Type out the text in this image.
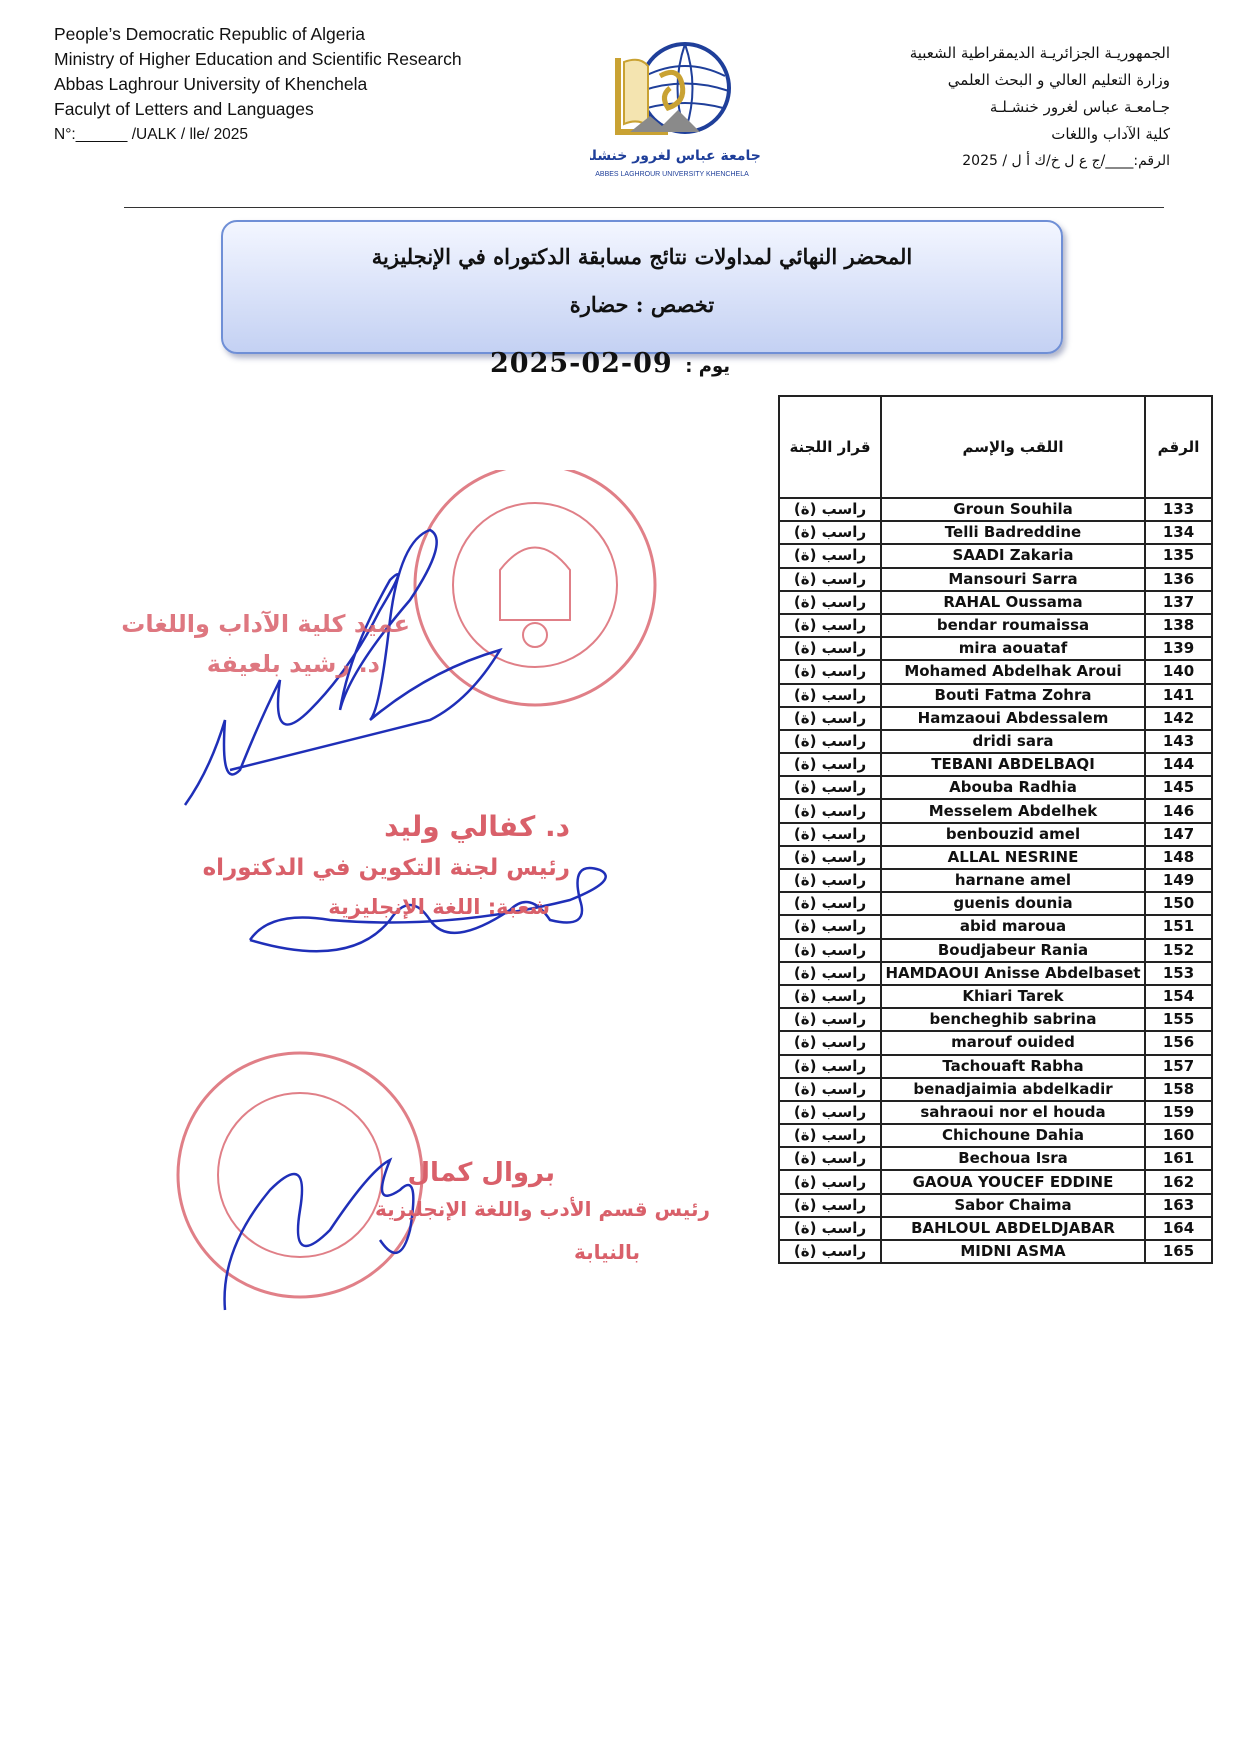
People’s Democratic Republic of Algeria
Ministry of Higher Education and Scientific Research
Abbas Laghrour University of Khenchela
Faculyt of Letters and Languages
N°:______ /UALK / lle/ 2025
الجمهوريـة الجزائريـة الديمقراطية الشعبية
وزارة التعليم العالي و البحث العلمي
جـامعـة عباس لغرور خنشـلـة
كلية الآداب واللغات
الرقم:____/ج ع ل خ/ك أ ل / 2025
جامعة عباس لغرور خنشلة
ABBES LAGHROUR UNIVERSITY KHENCHELA
المحضر النهائي لمداولات نتائج مسابقة الدكتوراه في الإنجليزية
تخصص : حضارة
يوم :
2025-02-09
قرار اللجنة	اللقب والإسم	الرقم
راسب (ة)	Groun Souhila	133
راسب (ة)	Telli Badreddine	134
راسب (ة)	SAADI Zakaria	135
راسب (ة)	Mansouri Sarra	136
راسب (ة)	RAHAL Oussama	137
راسب (ة)	bendar roumaissa	138
راسب (ة)	mira aouataf	139
راسب (ة)	Mohamed Abdelhak Aroui	140
راسب (ة)	Bouti Fatma Zohra	141
راسب (ة)	Hamzaoui Abdessalem	142
راسب (ة)	dridi sara	143
راسب (ة)	TEBANI ABDELBAQI	144
راسب (ة)	Abouba Radhia	145
راسب (ة)	Messelem Abdelhek	146
راسب (ة)	benbouzid amel	147
راسب (ة)	ALLAL NESRINE	148
راسب (ة)	harnane amel	149
راسب (ة)	guenis dounia	150
راسب (ة)	abid maroua	151
راسب (ة)	Boudjabeur Rania	152
راسب (ة)	HAMDAOUI Anisse Abdelbaset	153
راسب (ة)	Khiari Tarek	154
راسب (ة)	bencheghib sabrina	155
راسب (ة)	marouf ouided	156
راسب (ة)	Tachouaft Rabha	157
راسب (ة)	benadjaimia abdelkadir	158
راسب (ة)	sahraoui nor el houda	159
راسب (ة)	Chichoune Dahia	160
راسب (ة)	Bechoua Isra	161
راسب (ة)	GAOUA YOUCEF EDDINE	162
راسب (ة)	Sabor Chaima	163
راسب (ة)	BAHLOUL ABDELDJABAR	164
راسب (ة)	MIDNI ASMA	165
عميد كلية الآداب واللغات
د. رشيد بلعيفة
د. كفالي وليد
رئيس لجنة التكوين في الدكتوراه
شعبة: اللغة الإنجليزية
بروال كمال
رئيس قسم الأدب واللغة الإنجليزية
بالنيابة
